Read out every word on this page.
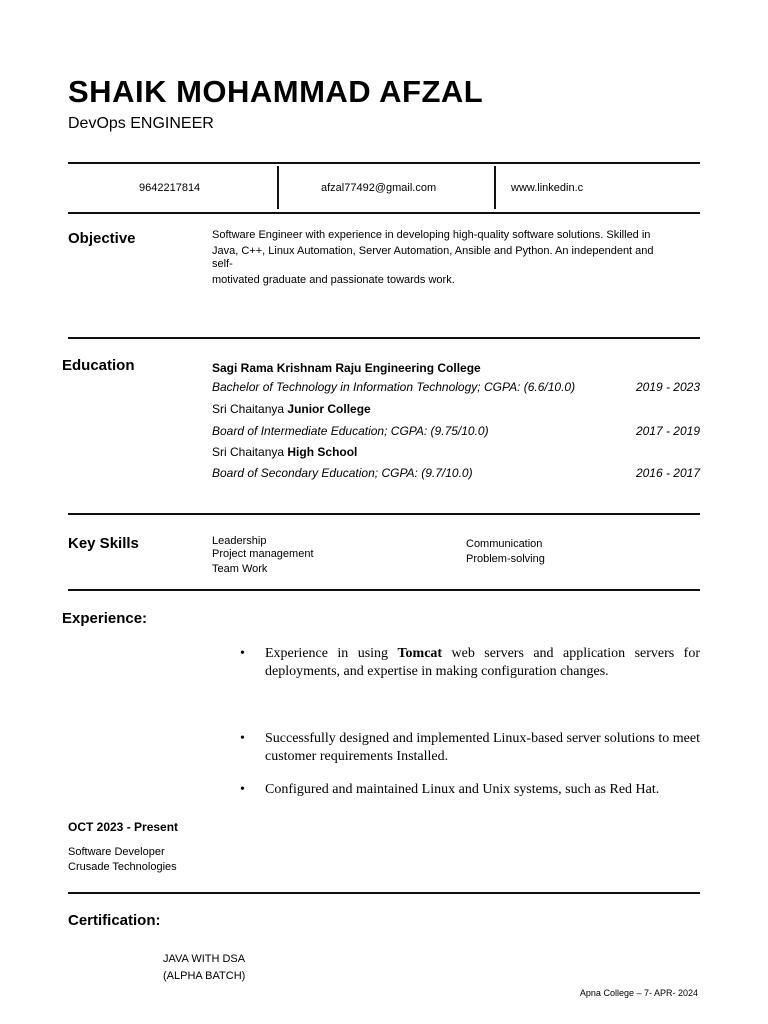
SHAIK MOHAMMAD AFZAL
DevOps ENGINEER
9642217814	afzal77492@gmail.com	www.linkedin.c
Objective	Software Engineer with experience in developing high-quality software solutions. Skilled in
Java, C++, Linux Automation, Server Automation, Ansible and Python. An independent and
self-
motivated graduate and passionate towards work.
Education	Sagi Rama Krishnam Raju Engineering College
Bachelor of Technology in Information Technology; CGPA: (6.6/10.0)	2019 - 2023
Sri Chaitanya Junior College
Board of Intermediate Education; CGPA: (9.75/10.0)	2017 - 2019
Sri Chaitanya High School
Board of Secondary Education; CGPA: (9.7/10.0)	2016 - 2017
Key Skills	Leadership
Project management
Team Work
Communication
Problem-solving
Experience:
•	Experience in using Tomcat web servers and application servers for deployments, and expertise in making configuration changes.
•	Successfully designed and implemented Linux-based server solutions to meet customer requirements Installed.
•	Configured and maintained Linux and Unix systems, such as Red Hat.
OCT 2023 - Present
Software Developer
Crusade Technologies
Certification:
JAVA WITH DSA
(ALPHA BATCH)
Apna College – 7- APR- 2024
